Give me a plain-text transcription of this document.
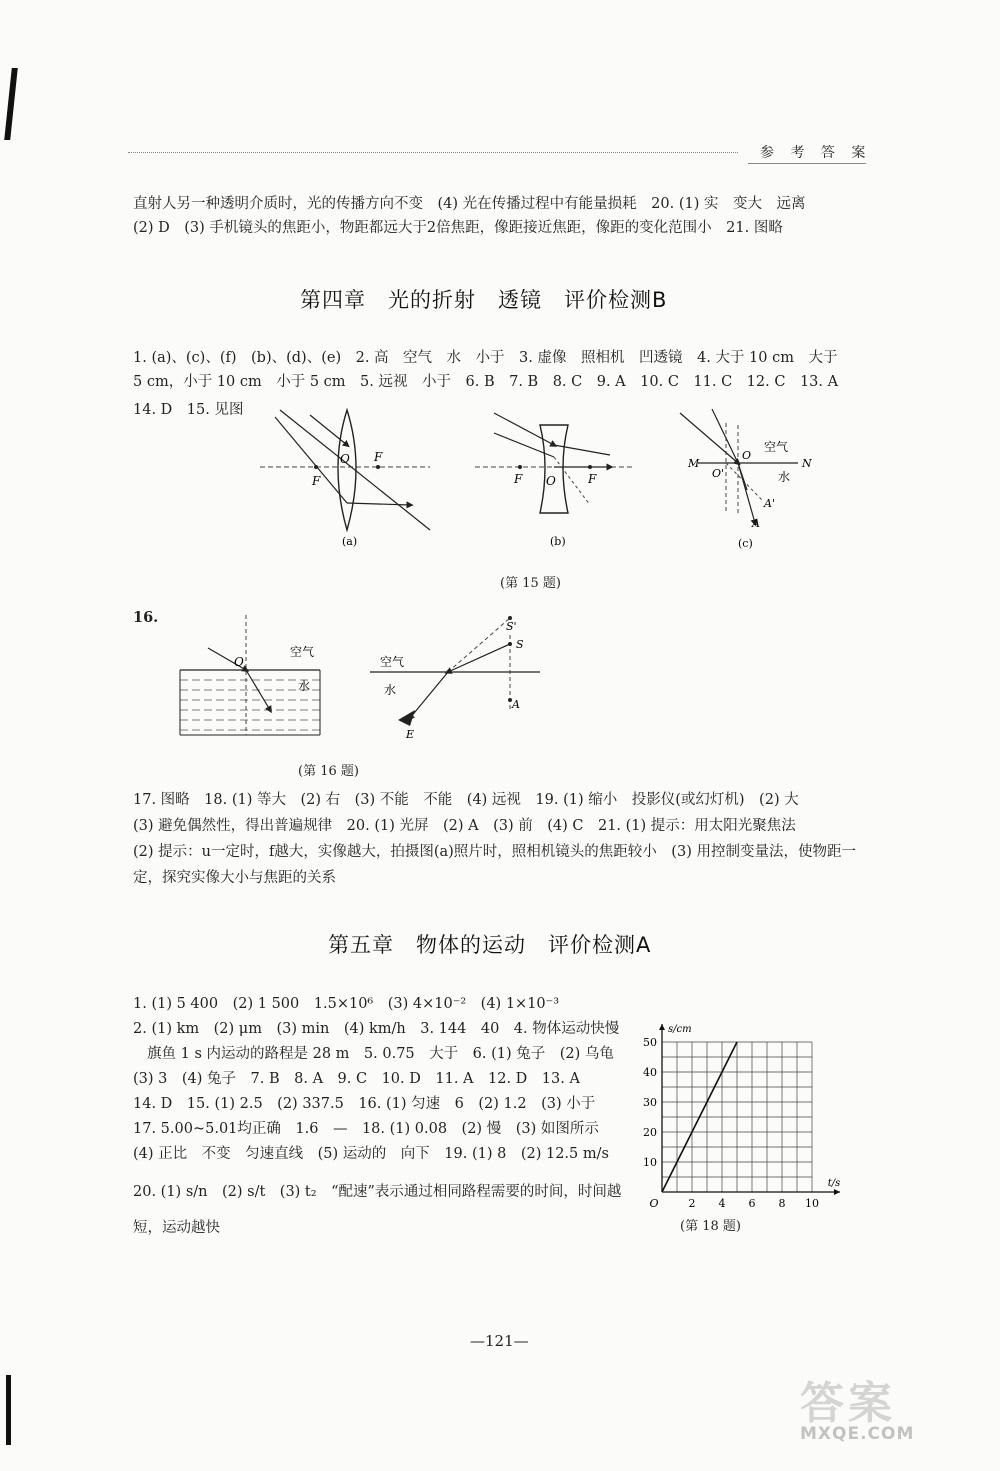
参 考 答 案
直射人另一种透明介质时，光的传播方向不变　(4) 光在传播过程中有能量损耗　20. (1) 实　变大　远离
(2) D　(3) 手机镜头的焦距小，物距都远大于2倍焦距，像距接近焦距，像距的变化范围小　21. 图略
第四章　光的折射　透镜　评价检测B
1. (a)、(c)、(f)　(b)、(d)、(e)　2. 高　空气　水　小于　3. 虚像　照相机　凹透镜　4. 大于 10 cm　大于
5 cm，小于 10 cm　小于 5 cm　5. 远视　小于　6. B　7. B　8. C　9. A　10. C　11. C　12. C　13. A
14. D　15. 见图
O F
F
(a)
F O	F
(b)
M	N
O
O'
空气
水
A'
A
(c)
(第 15 题)
16.
O
空气
水
S'
S
空气
水
A
E
(第 16 题)
17. 图略　18. (1) 等大　(2) 右　(3) 不能　不能　(4) 远视　19. (1) 缩小　投影仪(或幻灯机)　(2) 大
(3) 避免偶然性，得出普遍规律　20. (1) 光屏　(2) A　(3) 前　(4) C　21. (1) 提示：用太阳光聚焦法
(2) 提示：u一定时，f越大，实像越大，拍摄图(a)照片时，照相机镜头的焦距较小　(3) 用控制变量法，使物距一
定，探究实像大小与焦距的关系
第五章　物体的运动　评价检测A
1. (1) 5 400　(2) 1 500　1.5×10⁶　(3) 4×10⁻²　(4) 1×10⁻³
2. (1) km　(2) μm　(3) min　(4) km/h　3. 144　40　4. 物体运动快慢
旗鱼 1 s 内运动的路程是 28 m　5. 0.75　大于　6. (1) 兔子　(2) 乌龟
(3) 3　(4) 兔子　7. B　8. A　9. C　10. D　11. A　12. D　13. A
14. D　15. (1) 2.5　(2) 337.5　16. (1) 匀速　6　(2) 1.2　(3) 小于
17. 5.00~5.01均正确　1.6　—　18. (1) 0.08　(2) 慢　(3) 如图所示
(4) 正比　不变　匀速直线　(5) 运动的　向下　19. (1) 8　(2) 12.5 m/s
20. (1) s/n　(2) s/t　(3) t₂　“配速”表示通过相同路程需要的时间，时间越
短，运动越快
2 4 6 8 10
10
20
30
40
50
O
t/s
s/cm
(第 18 题)
—121—
答案
MXQE.COM
